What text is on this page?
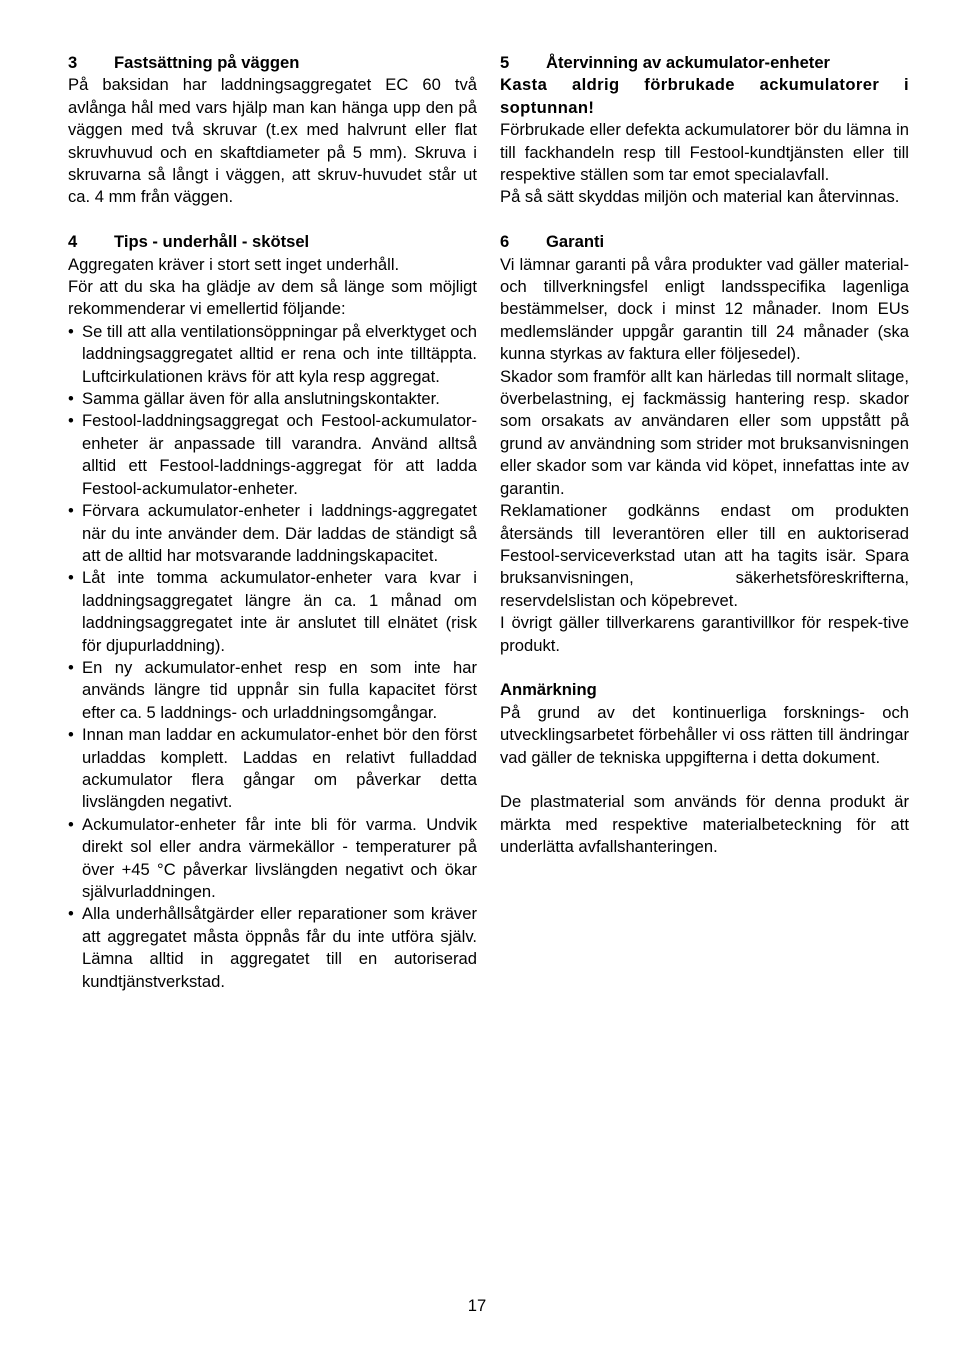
3	Fastsättning på väggen

På baksidan har laddningsaggregatet EC 60 två avlånga hål med vars hjälp man kan hänga upp den på väggen med två skruvar (t.ex med halvrunt eller flat skruvhuvud och en skaftdiameter på 5 mm). Skruva i skruvarna så långt i väggen, att skruv-huvudet står ut ca. 4 mm från väggen.

4	Tips - underhåll - skötsel

Aggregaten kräver i stort sett inget underhåll.

För att du ska ha glädje av dem så länge som möjligt rekommenderar vi emellertid följande:

• Se till att alla ventilationsöppningar på elverktyget och laddningsaggregatet alltid er rena och inte tilltäppta. Luftcirkulationen krävs för att kyla resp aggregat.
• Samma gällar även för alla anslutningskontakter.
• Festool-laddningsaggregat och Festool-ackumulator-enheter är anpassade till varandra. Använd alltså alltid ett Festool-laddnings-aggregat för att ladda Festool-ackumulator-enheter.
• Förvara ackumulator-enheter i laddnings-aggregatet när du inte använder dem. Där laddas de ständigt så att de alltid har motsvarande laddningskapacitet.
• Låt inte tomma ackumulator-enheter vara kvar i laddningsaggregatet längre än ca. 1 månad om laddningsaggregatet inte är anslutet till elnätet (risk för djupurladdning).
• En ny ackumulator-enhet resp en som inte har används längre tid uppnår sin fulla kapacitet först efter ca. 5 laddnings- och urladdningsomgångar.
• Innan man laddar en ackumulator-enhet bör den först urladdas komplett. Laddas en relativt fulladdad ackumulator flera gångar om påverkar detta livslängden negativt.
• Ackumulator-enheter får inte bli för varma. Undvik direkt sol eller andra värmekällor - temperaturer på över +45 °C påverkar livslängden negativt och ökar självurladdningen.
• Alla underhållsåtgärder eller reparationer som kräver att aggregatet måsta öppnås får du inte utföra själv. Lämna alltid in aggregatet till en autoriserad kundtjänstverkstad.
5	Återvinning av ackumulator-enheter
Kasta aldrig förbrukade ackumulatorer i soptunnan!

Förbrukade eller defekta ackumulatorer bör du lämna in till fackhandeln resp till Festool-kundtjänsten eller till respektive ställen som tar emot specialavfall.

På så sätt skyddas miljön och material kan återvinnas.

6	Garanti

Vi lämnar garanti på våra produkter vad gäller material- och tillverkningsfel enligt landsspecifika lagenliga bestämmelser, dock i minst 12 månader. Inom EUs medlemsländer uppgår garantin till 24 månader (ska kunna styrkas av faktura eller följesedel).

Skador som framför allt kan härledas till normalt slitage, överbelastning, ej fackmässig hantering resp. skador som orsakats av användaren eller som uppstått på grund av användning som strider mot bruksanvisningen eller skador som var kända vid köpet, innefattas inte av garantin.

Reklamationer godkänns endast om produkten återsänds till leverantören eller till en auktoriserad Festool-serviceverkstad utan att ha tagits isär. Spara bruksanvisningen, säkerhetsföreskrifterna, reservdelslistan och köpebrevet.

I övrigt gäller tillverkarens garantivillkor för respek-tive produkt.

Anmärkning

På grund av det kontinuerliga forsknings- och utvecklingsarbetet förbehåller vi oss rätten till ändringar vad gäller de tekniska uppgifterna i detta dokument.

De plastmaterial som används för denna produkt är märkta med respektive materialbeteckning för att underlätta avfallshanteringen.

17
